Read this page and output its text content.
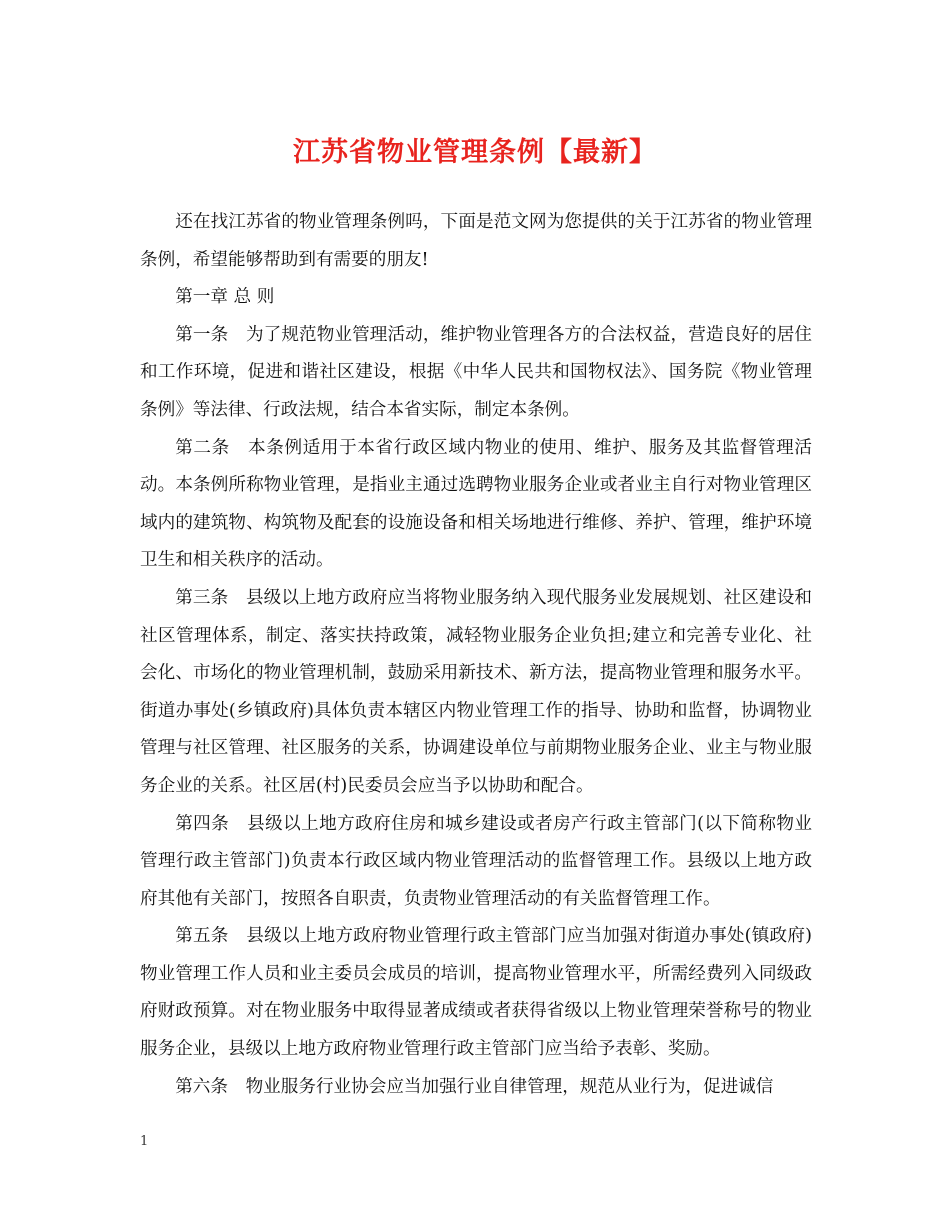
江苏省物业管理条例【最新】

还在找江苏省的物业管理条例吗，下面是范文网为您提供的关于江苏省的物业管理条例，希望能够帮助到有需要的朋友!

第一章 总 则

第一条　为了规范物业管理活动，维护物业管理各方的合法权益，营造良好的居住和工作环境，促进和谐社区建设，根据《中华人民共和国物权法》、国务院《物业管理条例》等法律、行政法规，结合本省实际，制定本条例。

第二条　本条例适用于本省行政区域内物业的使用、维护、服务及其监督管理活动。本条例所称物业管理，是指业主通过选聘物业服务企业或者业主自行对物业管理区域内的建筑物、构筑物及配套的设施设备和相关场地进行维修、养护、管理，维护环境卫生和相关秩序的活动。

第三条　县级以上地方政府应当将物业服务纳入现代服务业发展规划、社区建设和社区管理体系，制定、落实扶持政策，减轻物业服务企业负担;建立和完善专业化、社会化、市场化的物业管理机制，鼓励采用新技术、新方法，提高物业管理和服务水平。街道办事处(乡镇政府)具体负责本辖区内物业管理工作的指导、协助和监督，协调物业管理与社区管理、社区服务的关系，协调建设单位与前期物业服务企业、业主与物业服务企业的关系。社区居(村)民委员会应当予以协助和配合。

第四条　县级以上地方政府住房和城乡建设或者房产行政主管部门(以下简称物业管理行政主管部门)负责本行政区域内物业管理活动的监督管理工作。县级以上地方政府其他有关部门，按照各自职责，负责物业管理活动的有关监督管理工作。

第五条　县级以上地方政府物业管理行政主管部门应当加强对街道办事处(镇政府) 物业管理工作人员和业主委员会成员的培训，提高物业管理水平，所需经费列入同级政府财政预算。对在物业服务中取得显著成绩或者获得省级以上物业管理荣誉称号的物业服务企业，县级以上地方政府物业管理行政主管部门应当给予表彰、奖励。

第六条　物业服务行业协会应当加强行业自律管理，规范从业行为，促进诚信

1
